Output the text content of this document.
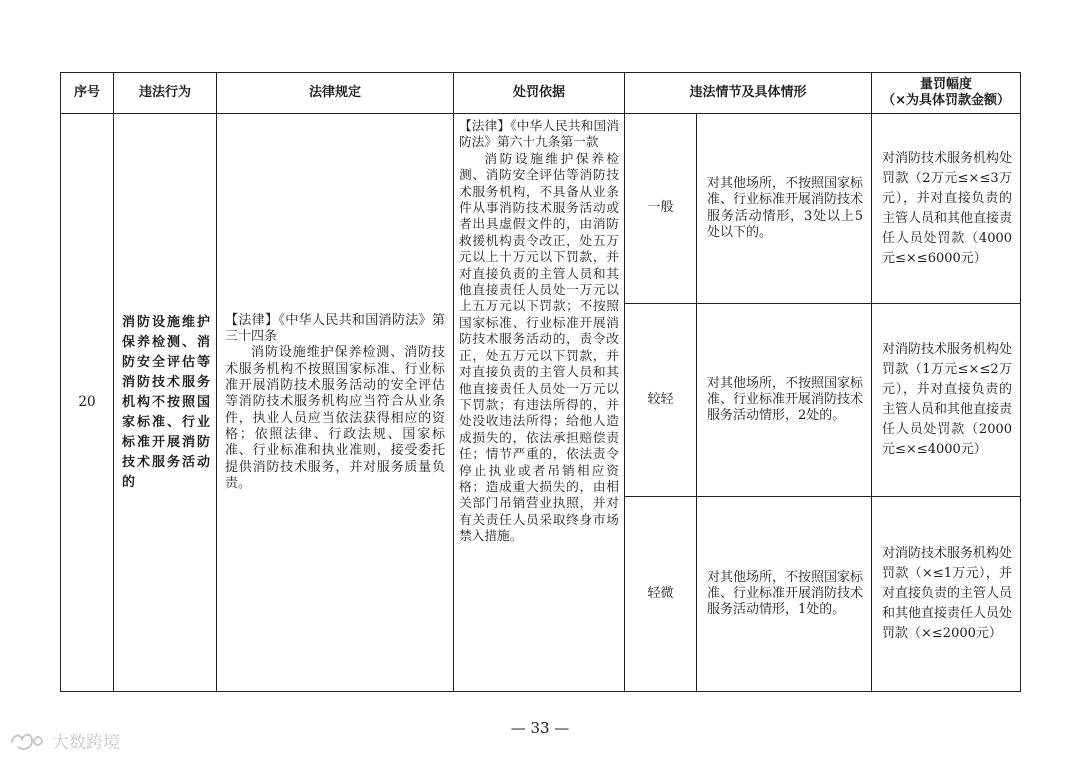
序号	违法行为	法律规定	处罚依据	违法情节及具体情形		量罚幅度
（×为具体罚款金额）
20	消防设施维护保养检测、消防安全评估等消防技术服务机构不按照国家标准、行业标准开展消防技术服务活动的	【法律】《中华人民共和国消防法》第三十四条
消防设施维护保养检测、消防技术服务机构不按照国家标准、行业标准开展消防技术服务活动的安全评估等消防技术服务机构应当符合从业条件，执业人员应当依法获得相应的资格；依照法律、行政法规、国家标准、行业标准和执业准则，接受委托提供消防技术服务，并对服务质量负责。	【法律】《中华人民共和国消防法》第六十九条第一款
消防设施维护保养检测、消防安全评估等消防技术服务机构，不具备从业条件从事消防技术服务活动或者出具虚假文件的，由消防救援机构责令改正，处五万元以上十万元以下罚款，并对直接负责的主管人员和其他直接责任人员处一万元以上五万元以下罚款；不按照国家标准、行业标准开展消防技术服务活动的，责令改正，处五万元以下罚款，并对直接负责的主管人员和其他直接责任人员处一万元以下罚款；有违法所得的，并处没收违法所得；给他人造成损失的，依法承担赔偿责任；情节严重的，依法责令停止执业或者吊销相应资格；造成重大损失的，由相关部门吊销营业执照，并对有关责任人员采取终身市场禁入措施。	一般	对其他场所，不按照国家标准、行业标准开展消防技术服务活动情形，3处以上5处以下的。	对消防技术服务机构处罚款（2万元≤×≤3万元），并对直接负责的主管人员和其他直接责任人员处罚款（4000元≤×≤6000元）
				较轻	对其他场所，不按照国家标准、行业标准开展消防技术服务活动情形，2处的。	对消防技术服务机构处罚款（1万元≤×≤2万元），并对直接负责的主管人员和其他直接责任人员处罚款（2000元≤×≤4000元）
				轻微	对其他场所，不按照国家标准、行业标准开展消防技术服务活动情形，1处的。	对消防技术服务机构处罚款（×≤1万元），并对直接负责的主管人员和其他直接责任人员处罚款（×≤2000元）
大数跨境
— 33 —
